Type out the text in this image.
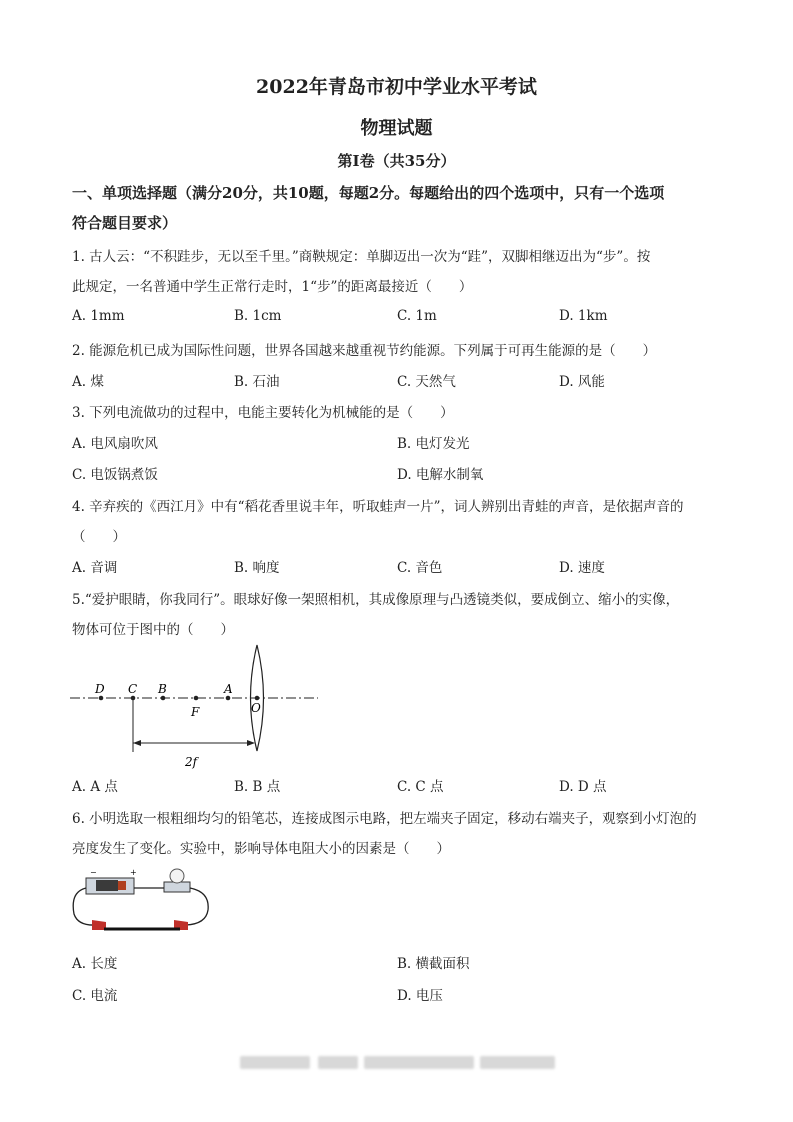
2022年青岛市初中学业水平考试
物理试题
第I卷（共35分）
一、单项选择题（满分20分，共10题，每题2分。每题给出的四个选项中，只有一个选项
符合题目要求）
1. 古人云：“不积跬步，无以至千里。”商鞅规定：单脚迈出一次为“跬”，双脚相继迈出为“步”。按
此规定，一名普通中学生正常行走时，1“步”的距离最接近（　　）
A. 1mm	B. 1cm	C. 1m	D. 1km
2. 能源危机已成为国际性问题，世界各国越来越重视节约能源。下列属于可再生能源的是（　　）
A. 煤	B. 石油	C. 天然气	D. 风能
3. 下列电流做功的过程中，电能主要转化为机械能的是（　　）
A. 电风扇吹风	B. 电灯发光
C. 电饭锅煮饭	D. 电解水制氧
4. 辛弃疾的《西江月》中有“稻花香里说丰年，听取蛙声一片”，词人辨别出青蛙的声音，是依据声音的
（　　）
A. 音调	B. 响度	C. 音色	D. 速度
5.“爱护眼睛，你我同行”。眼球好像一架照相机，其成像原理与凸透镜类似，要成倒立、缩小的实像，
物体可位于图中的（　　）
D C B
F
A
O
2f
A. A 点	B. B 点	C. C 点	D. D 点
6. 小明选取一根粗细均匀的铅笔芯，连接成图示电路，把左端夹子固定，移动右端夹子，观察到小灯泡的
亮度发生了变化。实验中，影响导体电阻大小的因素是（　　）
−	+
A. 长度	B. 横截面积
C. 电流	D. 电压
